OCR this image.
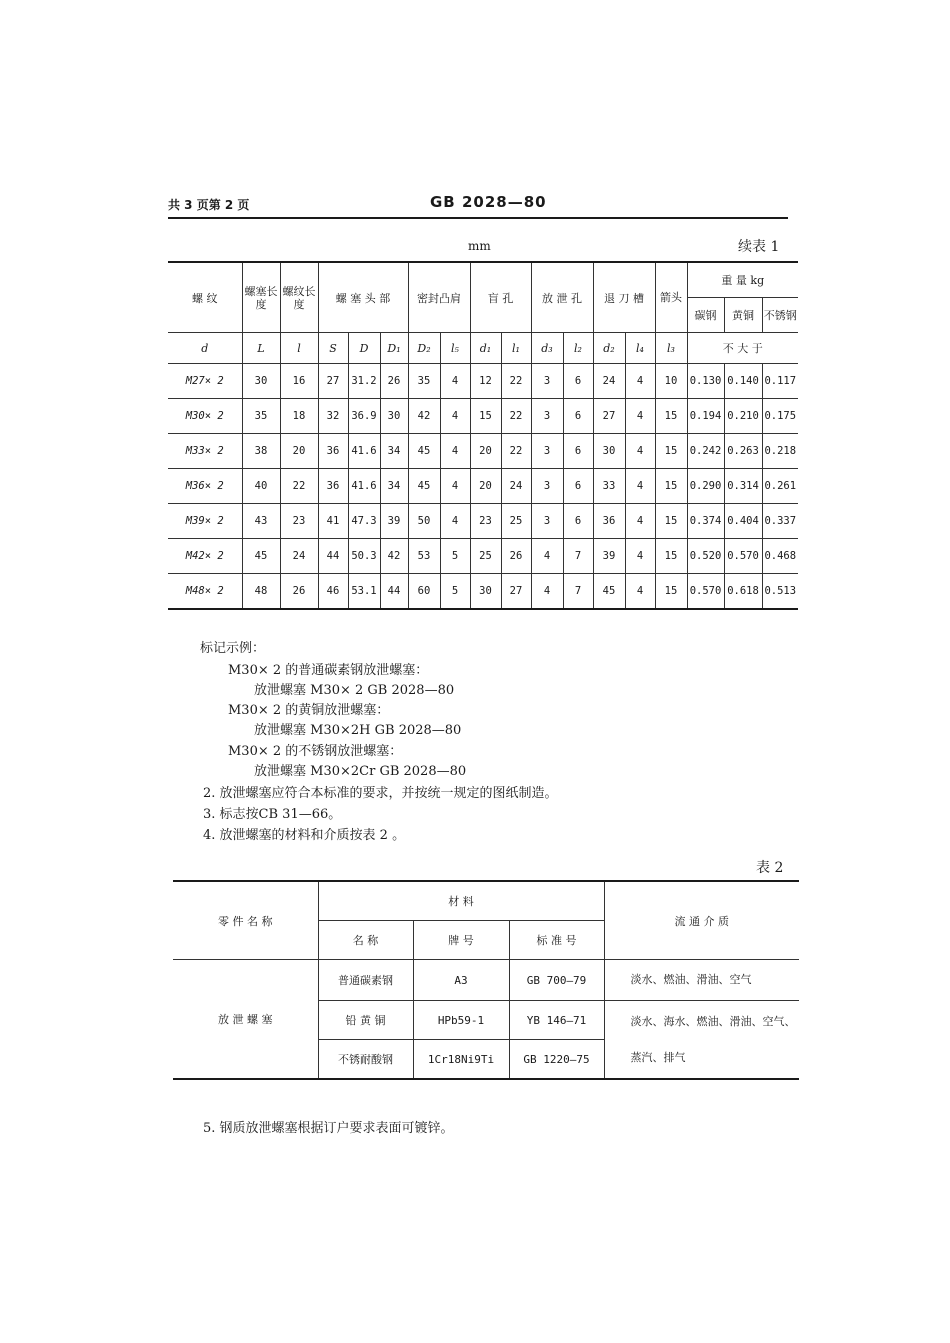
共 3 页第 2 页	GB 2028—80
mm	续表 1
螺 纹	螺塞长度	螺纹长度	螺 塞 头 部			密封凸肩		盲 孔		放 泄 孔		退 刀 槽		箭头	重 量 kg		
															碳钢	黄铜	不锈钢
d	L	l	S	D	D₁	D₂	l₅	d₁	l₁	d₃	l₂	d₂	l₄	l₃	不 大 于		
M27× 2	30	16	27	31.2	26	35	4	12	22	3	6	24	4	10	0.130	0.140	0.117
M30× 2	35	18	32	36.9	30	42	4	15	22	3	6	27	4	15	0.194	0.210	0.175
M33× 2	38	20	36	41.6	34	45	4	20	22	3	6	30	4	15	0.242	0.263	0.218
M36× 2	40	22	36	41.6	34	45	4	20	24	3	6	33	4	15	0.290	0.314	0.261
M39× 2	43	23	41	47.3	39	50	4	23	25	3	6	36	4	15	0.374	0.404	0.337
M42× 2	45	24	44	50.3	42	53	5	25	26	4	7	39	4	15	0.520	0.570	0.468
M48× 2	48	26	46	53.1	44	60	5	30	27	4	7	45	4	15	0.570	0.618	0.513
标记示例：
M30× 2 的普通碳素钢放泄螺塞：
放泄螺塞 M30× 2 GB 2028—80
M30× 2 的黄铜放泄螺塞：
放泄螺塞 M30×2H GB 2028—80
M30× 2 的不锈钢放泄螺塞：
放泄螺塞 M30×2Cr GB 2028—80
2. 放泄螺塞应符合本标准的要求，并按统一规定的图纸制造。
3. 标志按CB 31—66。
4. 放泄螺塞的材料和介质按表 2 。
表 2
零 件 名 称	材 料			流 通 介 质
	名 称	牌 号	标 准 号	
放 泄 螺 塞	普通碳素钢	A3	GB 700—79	淡水、燃油、滑油、空气
	铅 黄 铜	HPb59-1	YB 146—71	淡水、海水、燃油、滑油、空气、蒸汽、排气
	不锈耐酸钢	1Cr18Ni9Ti	GB 1220—75	
5. 钢质放泄螺塞根据订户要求表面可镀锌。
